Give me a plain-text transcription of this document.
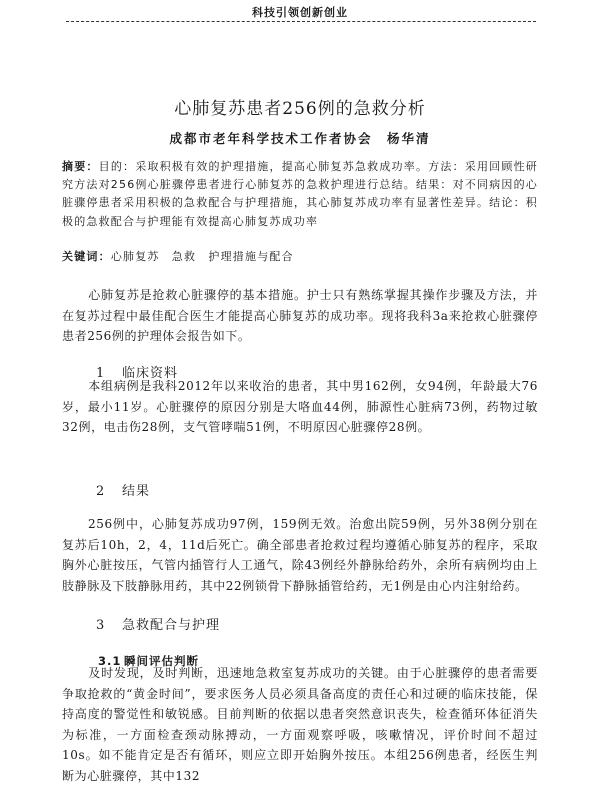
科技引领创新创业
心肺复苏患者256例的急救分析
成都市老年科学技术工作者协会　杨华清
摘要：目的：采取积极有效的护理措施，提高心肺复苏急救成功率。方法：采用回顾性研究方法对256例心脏骤停患者进行心肺复苏的急救护理进行总结。结果：对不同病因的心脏骤停患者采用积极的急救配合与护理措施，其心肺复苏成功率有显著性差异。结论：积极的急救配合与护理能有效提高心肺复苏成功率
关键词：心肺复苏　急救　护理措施与配合
心肺复苏是抢救心脏骤停的基本措施。护士只有熟练掌握其操作步骤及方法，并在复苏过程中最佳配合医生才能提高心肺复苏的成功率。现将我科3a来抢救心脏骤停患者256例的护理体会报告如下。
1 临床资料
本组病例是我科2012年以来收治的患者，其中男162例，女94例，年龄最大76岁，最小11岁。心脏骤停的原因分别是大咯血44例，肺源性心脏病73例，药物过敏32例，电击伤28例，支气管哮喘51例，不明原因心脏骤停28例。
2 结果
256例中，心肺复苏成功97例，159例无效。治愈出院59例，另外38例分别在复苏后10h，2，4，11d后死亡。确全部患者抢救过程均遵循心肺复苏的程序，采取胸外心脏按压，气管内插管行人工通气，除43例经外静脉给药外，余所有病例均由上肢静脉及下肢静脉用药，其中22例锁骨下静脉插管给药，无1例是由心内注射给药。
3 急救配合与护理
3.1 瞬间评估判断
及时发现，及时判断，迅速地急救室复苏成功的关键。由于心脏骤停的患者需要争取抢救的“黄金时间”，要求医务人员必须具备高度的责任心和过硬的临床技能，保持高度的警觉性和敏锐感。目前判断的依据以患者突然意识丧失，检查循环体征消失为标准，一方面检查颈动脉搏动，一方面观察呼吸，咳嗽情况，评价时间不超过10s。如不能肯定是否有循环，则应立即开始胸外按压。本组256例患者，经医生判断为心脏骤停，其中132
